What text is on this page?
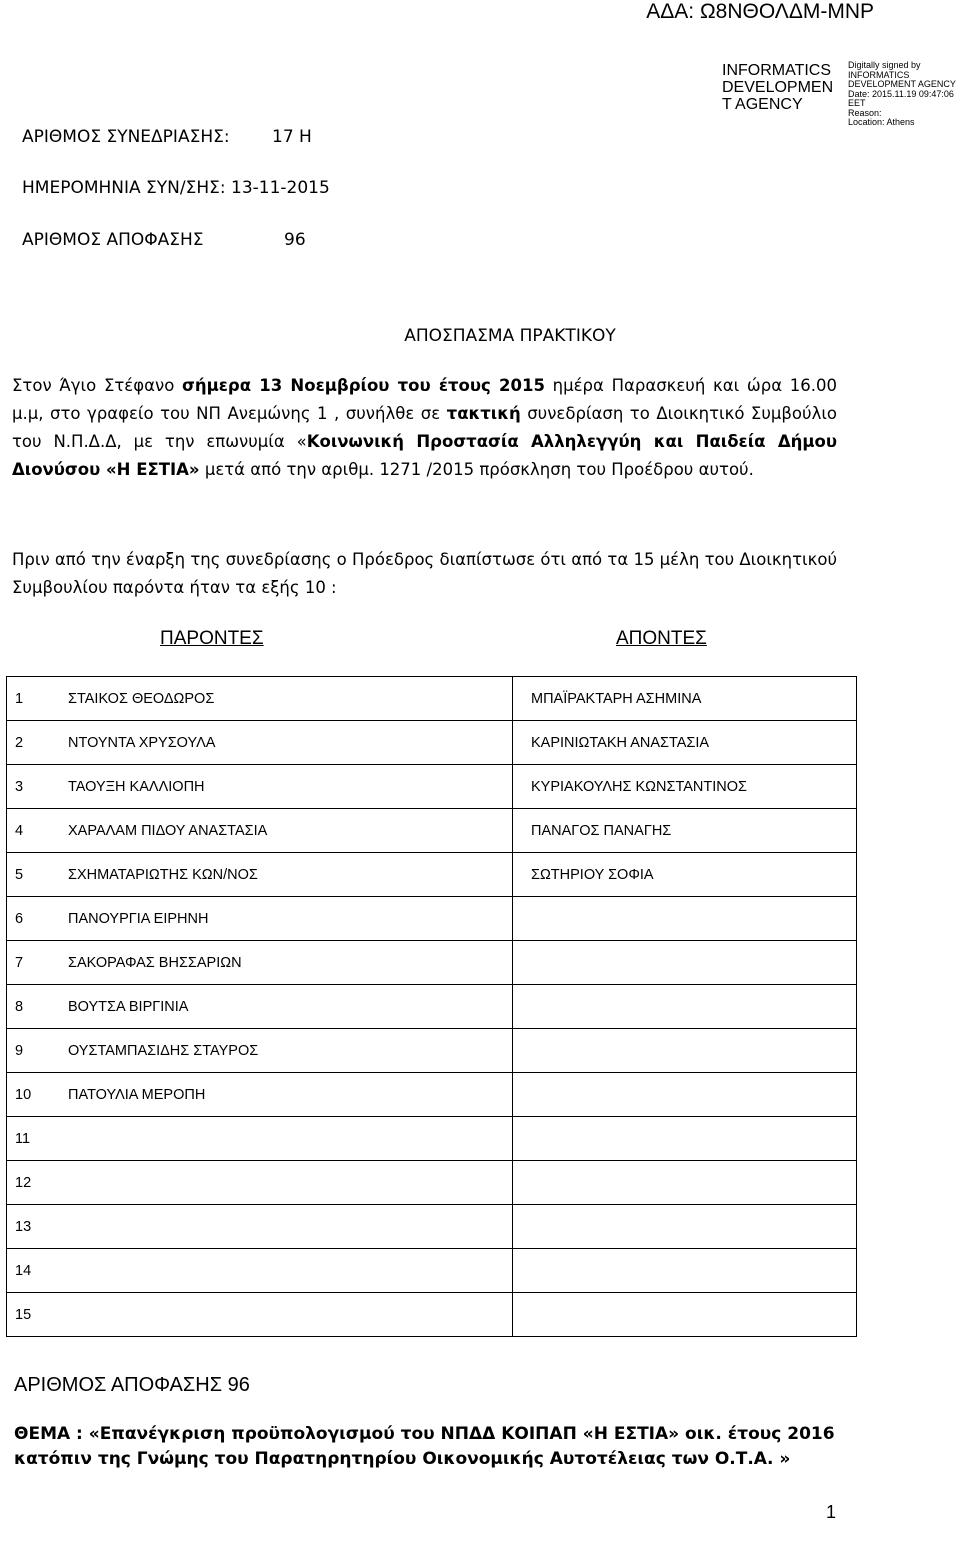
ΑΔΑ: Ω8ΝΘΟΛΔΜ-ΜΝΡ
INFORMATICS DEVELOPMEN T AGENCY
Digitally signed by
INFORMATICS
DEVELOPMENT AGENCY
Date: 2015.11.19 09:47:06
EET
Reason:
Location: Athens
ΑΡΙΘΜΟΣ ΣΥΝΕΔΡΙΑΣΗΣ: 17 Η
ΗΜΕΡΟΜΗΝΙΑ ΣΥΝ/ΣΗΣ: 13-11-2015
ΑΡΙΘΜΟΣ ΑΠΟΦΑΣΗΣ	96
ΑΠΟΣΠΑΣΜΑ ΠΡΑΚΤΙΚΟΥ
Στον Άγιο Στέφανο σήμερα 13 Νοεμβρίου του έτους 2015 ημέρα Παρασκευή και ώρα 16.00 μ.μ, στο γραφείο του ΝΠ Ανεμώνης 1 , συνήλθε σε τακτική συνεδρίαση το Διοικητικό Συμβούλιο του Ν.Π.Δ.Δ, με την επωνυμία «Κοινωνική Προστασία Αλληλεγγύη και Παιδεία Δήμου Διονύσου «Η ΕΣΤΙΑ» μετά από την αριθμ. 1271 /2015 πρόσκληση του Προέδρου αυτού.
Πριν από την έναρξη της συνεδρίασης ο Πρόεδρος διαπίστωσε ότι από τα 15 μέλη του Διοικητικού Συμβουλίου παρόντα ήταν τα εξής 10 :
ΠΑΡΟΝΤΕΣ	ΑΠΟΝΤΕΣ
1	ΣΤΑΙΚΟΣ ΘΕΟΔΩΡΟΣ	ΜΠΑΪΡΑΚΤΑΡΗ ΑΣΗΜΙΝΑ
2	ΝΤΟΥΝΤΑ ΧΡΥΣΟΥΛΑ	ΚΑΡΙΝΙΩΤΑΚΗ ΑΝΑΣΤΑΣΙΑ
3	ΤΑΟΥΞΗ ΚΑΛΛΙΟΠΗ	ΚΥΡΙΑΚΟΥΛΗΣ ΚΩΝΣΤΑΝΤΙΝΟΣ
4	ΧΑΡΑΛΑΜ ΠΙΔΟΥ ΑΝΑΣΤΑΣΙΑ	ΠΑΝΑΓΟΣ ΠΑΝΑΓΗΣ
5	ΣΧΗΜΑΤΑΡΙΩΤΗΣ ΚΩΝ/ΝΟΣ	ΣΩΤΗΡΙΟΥ ΣΟΦΙΑ
6	ΠΑΝΟΥΡΓΙΑ ΕΙΡΗΝΗ	
7	ΣΑΚΟΡΑΦΑΣ ΒΗΣΣΑΡΙΩΝ	
8	ΒΟΥΤΣΑ ΒΙΡΓΙΝΙΑ	
9	ΟΥΣΤΑΜΠΑΣΙΔΗΣ ΣΤΑΥΡΟΣ	
10	ΠΑΤΟΥΛΙΑ ΜΕΡΟΠΗ	
11		
12		
13		
14		
15		
ΑΡΙΘΜΟΣ ΑΠΟΦΑΣΗΣ 96
ΘΕΜΑ : «Επανέγκριση προϋπολογισμού του ΝΠΔΔ ΚΟΙΠΑΠ «Η ΕΣΤΙΑ» οικ. έτους 2016 κατόπιν της Γνώμης του Παρατηρητηρίου Οικονομικής Αυτοτέλειας των Ο.Τ.Α. »
1
